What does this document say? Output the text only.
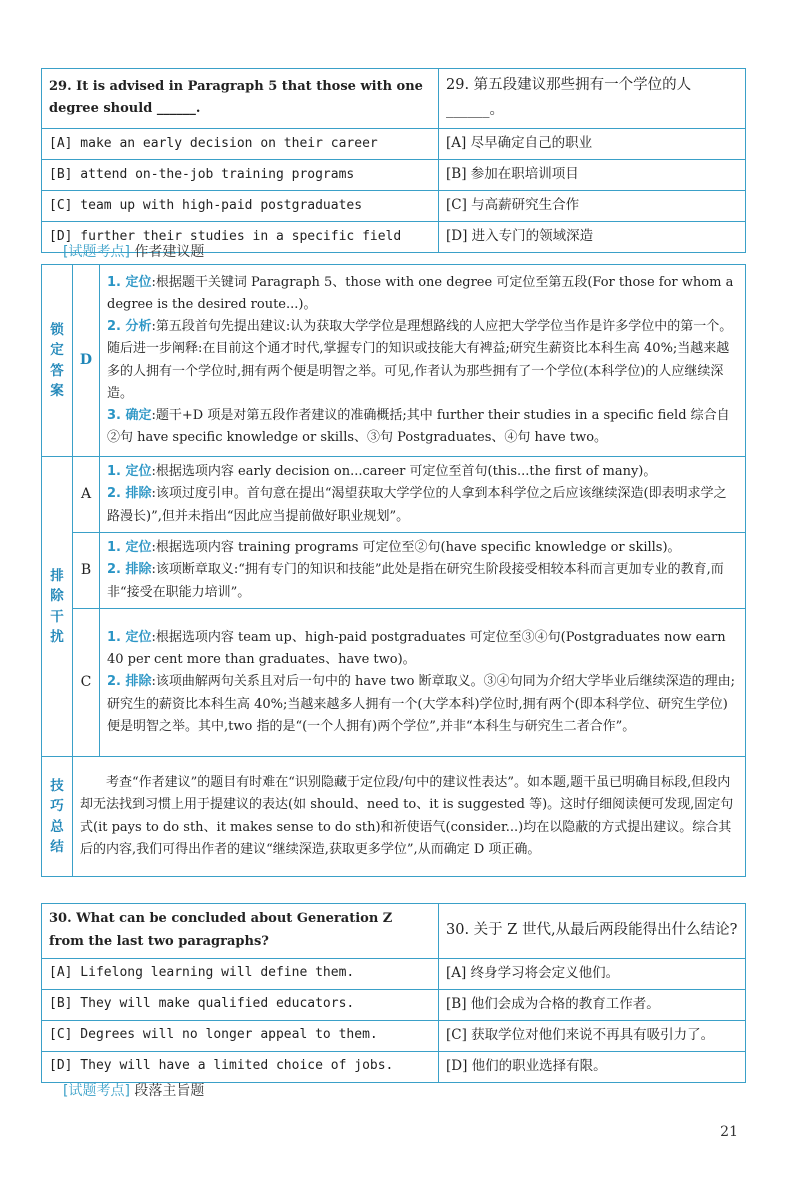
29. It is advised in Paragraph 5 that those with one degree should ______.	29. 第五段建议那些拥有一个学位的人______。
[A] make an early decision on their career	[A] 尽早确定自己的职业
[B] attend on-the-job training programs	[B] 参加在职培训项目
[C] team up with high-paid postgraduates	[C] 与高薪研究生合作
[D] further their studies in a specific field	[D] 进入专门的领域深造
[试题考点] 作者建议题
锁定答案	D	1. 定位:根据题干关键词 Paragraph 5、those with one degree 可定位至第五段(For those for whom a degree is the desired route...)。

2. 分析:第五段首句先提出建议:认为获取大学学位是理想路线的人应把大学学位当作是许多学位中的第一个。随后进一步阐释:在目前这个通才时代,掌握专门的知识或技能大有裨益;研究生薪资比本科生高 40%;当越来越多的人拥有一个学位时,拥有两个便是明智之举。可见,作者认为那些拥有了一个学位(本科学位)的人应继续深造。

3. 确定:题干+D 项是对第五段作者建议的准确概括;其中 further their studies in a specific field 综合自②句 have specific knowledge or skills、③句 Postgraduates、④句 have two。

排除干扰	A	1. 定位:根据选项内容 early decision on...career 可定位至首句(this...the first of many)。

2. 排除:该项过度引申。首句意在提出“渴望获取大学学位的人拿到本科学位之后应该继续深造(即表明求学之路漫长)”,但并未指出“因此应当提前做好职业规划”。

	B	1. 定位:根据选项内容 training programs 可定位至②句(have specific knowledge or skills)。

2. 排除:该项断章取义:“拥有专门的知识和技能”此处是指在研究生阶段接受相较本科而言更加专业的教育,而非“接受在职能力培训”。

	C	1. 定位:根据选项内容 team up、high-paid postgraduates 可定位至③④句(Postgraduates now earn 40 per cent more than graduates、have two)。

2. 排除:该项曲解两句关系且对后一句中的 have two 断章取义。③④句同为介绍大学毕业后继续深造的理由;研究生的薪资比本科生高 40%;当越来越多人拥有一个(大学本科)学位时,拥有两个(即本科学位、研究生学位)便是明智之举。其中,two 指的是“(一个人拥有)两个学位”,并非“本科生与研究生二者合作”。

技巧总结	考查“作者建议”的题目有时难在“识别隐藏于定位段/句中的建议性表达”。如本题,题干虽已明确目标段,但段内却无法找到习惯上用于提建议的表达(如 should、need to、it is suggested 等)。这时仔细阅读便可发现,固定句式(it pays to do sth、it makes sense to do sth)和祈使语气(consider...)均在以隐蔽的方式提出建议。综合其后的内容,我们可得出作者的建议“继续深造,获取更多学位”,从而确定 D 项正确。	

30. What can be concluded about Generation Z from the last two paragraphs?	30. 关于 Z 世代,从最后两段能得出什么结论?
[A] Lifelong learning will define them.	[A] 终身学习将会定义他们。
[B] They will make qualified educators.	[B] 他们会成为合格的教育工作者。
[C] Degrees will no longer appeal to them.	[C] 获取学位对他们来说不再具有吸引力了。
[D] They will have a limited choice of jobs.	[D] 他们的职业选择有限。
[试题考点] 段落主旨题
21
